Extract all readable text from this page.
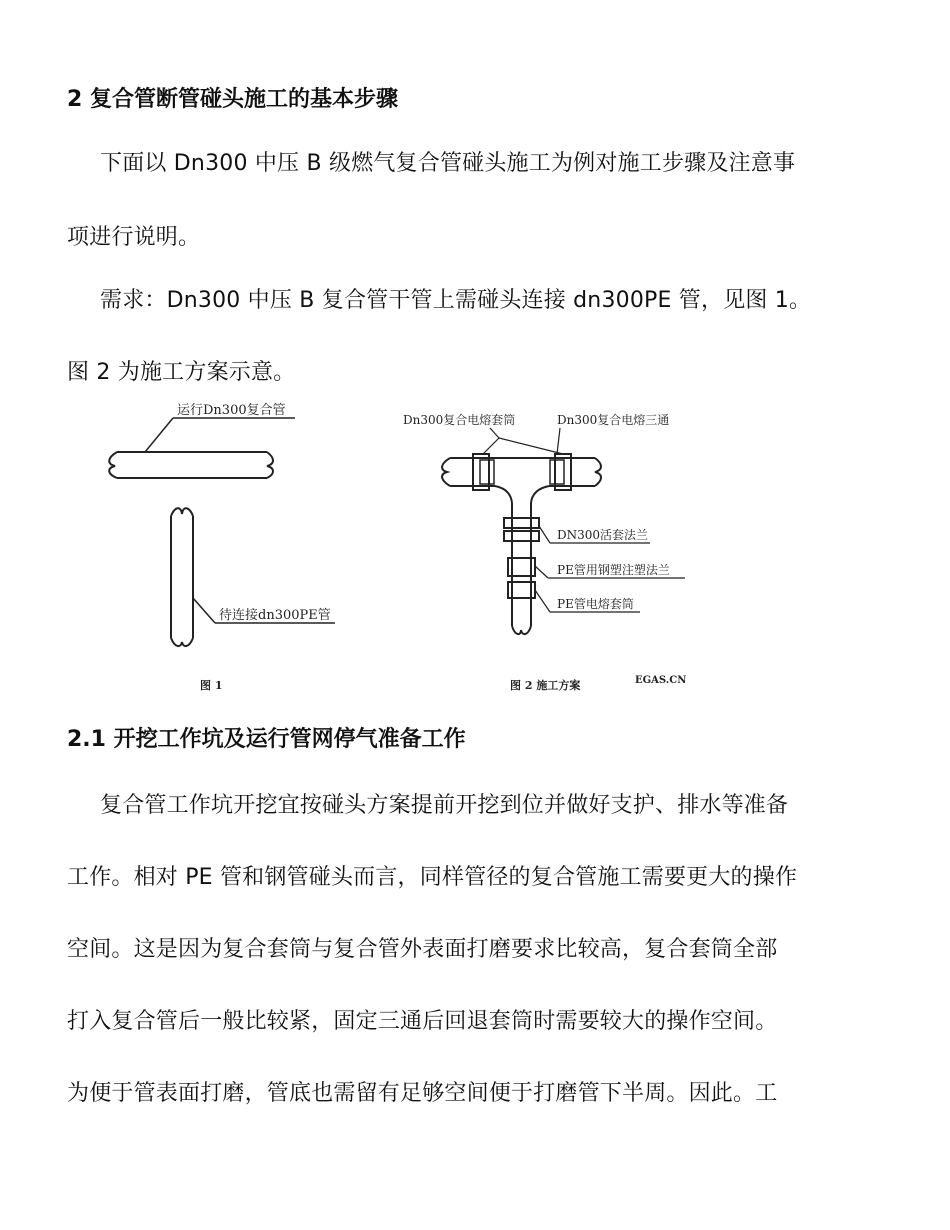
2 复合管断管碰头施工的基本步骤
下面以 Dn300 中压 B 级燃气复合管碰头施工为例对施工步骤及注意事
项进行说明。
需求：Dn300 中压 B 复合管干管上需碰头连接 dn300PE 管，见图 1。
图 2 为施工方案示意。
运行Dn300复合管
待连接dn300PE管
图 1
Dn300复合电熔套筒	Dn300复合电熔三通
DN300活套法兰
PE管用钢塑注塑法兰
PE管电熔套筒
图 2 施工方案	EGAS.CN
2.1 开挖工作坑及运行管网停气准备工作
复合管工作坑开挖宜按碰头方案提前开挖到位并做好支护、排水等准备
工作。相对 PE 管和钢管碰头而言，同样管径的复合管施工需要更大的操作
空间。这是因为复合套筒与复合管外表面打磨要求比较高，复合套筒全部
打入复合管后一般比较紧，固定三通后回退套筒时需要较大的操作空间。
为便于管表面打磨，管底也需留有足够空间便于打磨管下半周。因此。工
